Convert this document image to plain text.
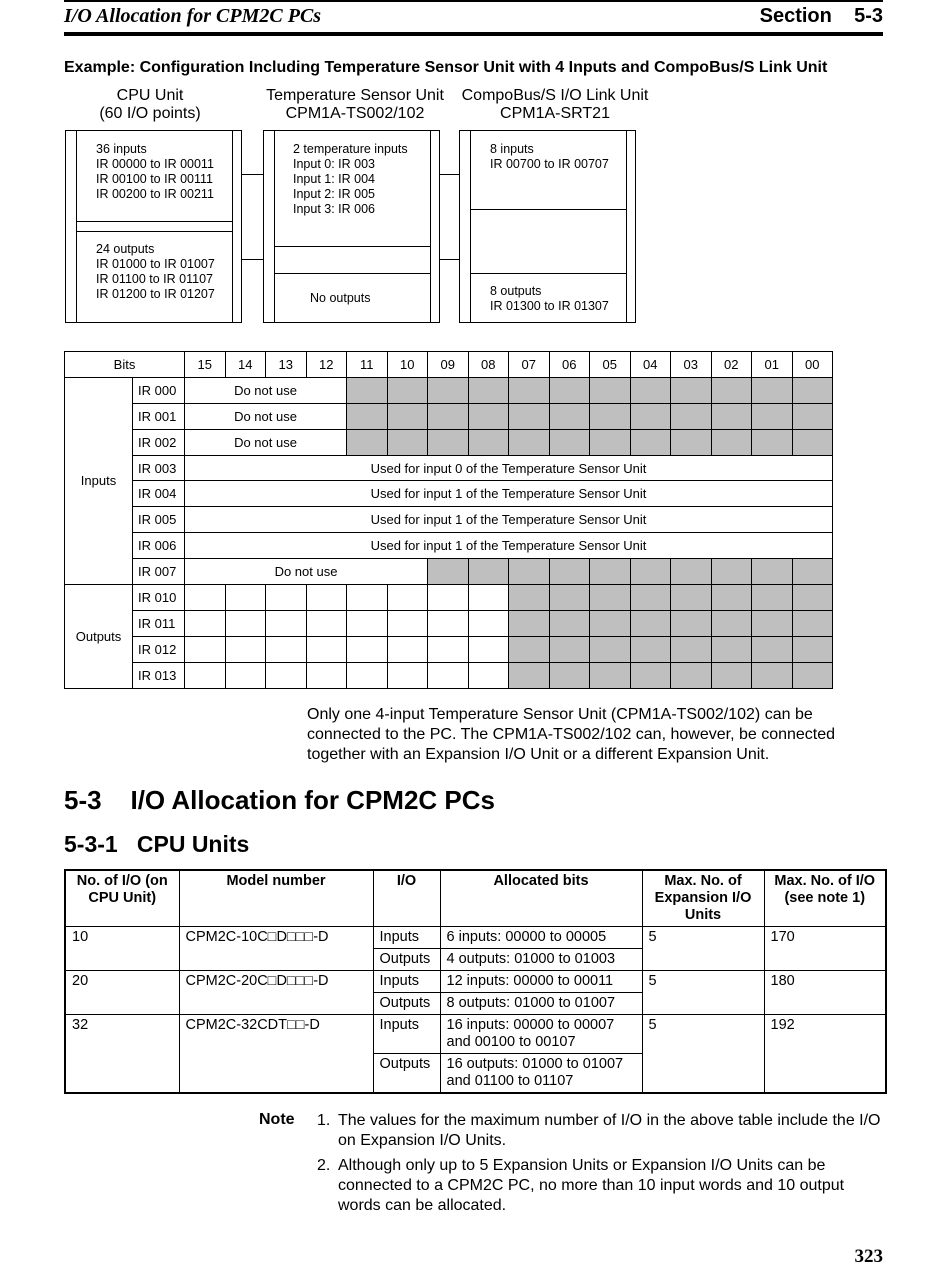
I/O Allocation for CPM2C PCs	Section    5-3
Example: Configuration Including Temperature Sensor Unit with 4 Inputs and CompoBus/S Link Unit
CPU Unit
(60 I/O points)
Temperature Sensor Unit
CPM1A-TS002/102
CompoBus/S I/O Link Unit
CPM1A-SRT21
36 inputs
IR 00000 to IR 00011
IR 00100 to IR 00111
IR 00200 to IR 00211
24 outputs
IR 01000 to IR 01007
IR 01100 to IR 01107
IR 01200 to IR 01207
2 temperature inputs
Input 0: IR 003
Input 1: IR 004
Input 2: IR 005
Input 3: IR 006
No outputs
8 inputs
IR 00700 to IR 00707
8 outputs
IR 01300 to IR 01307
Bits		15	14	13	12	11	10	09	08	07	06	05	04	03	02	01	00
Inputs	IR 000	Do not use															
	IR 001	Do not use															
	IR 002	Do not use															
	IR 003	Used for input 0 of the Temperature Sensor Unit															
	IR 004	Used for input 1 of the Temperature Sensor Unit															
	IR 005	Used for input 1 of the Temperature Sensor Unit															
	IR 006	Used for input 1 of the Temperature Sensor Unit															
	IR 007	Do not use															
Outputs	IR 010																
	IR 011																
	IR 012																
	IR 013																
Only one 4-input Temperature Sensor Unit (CPM1A-TS002/102) can be connected to the PC. The CPM1A-TS002/102 can, however, be connected together with an Expansion I/O Unit or a different Expansion Unit.
5-3    I/O Allocation for CPM2C PCs
5-3-1   CPU Units
No. of I/O (on CPU Unit)	Model number	I/O	Allocated bits	Max. No. of Expansion I/O Units	Max. No. of I/O (see note 1)
10	CPM2C-10C□D□□□-D	Inputs	6 inputs: 00000 to 00005	5	170
		Outputs	4 outputs: 01000 to 01003		
20	CPM2C-20C□D□□□-D	Inputs	12 inputs: 00000 to 00011	5	180
		Outputs	8 outputs: 01000 to 01007		
32	CPM2C-32CDT□□-D	Inputs	16 inputs: 00000 to 00007 and 00100 to 00107	5	192
		Outputs	16 outputs: 01000 to 01007 and 01100 to 01107		
Note 1. The values for the maximum number of I/O in the above table include the I/O on Expansion I/O Units.
2. Although only up to 5 Expansion Units or Expansion I/O Units can be connected to a CPM2C PC, no more than 10 input words and 10 output words can be allocated.
323
